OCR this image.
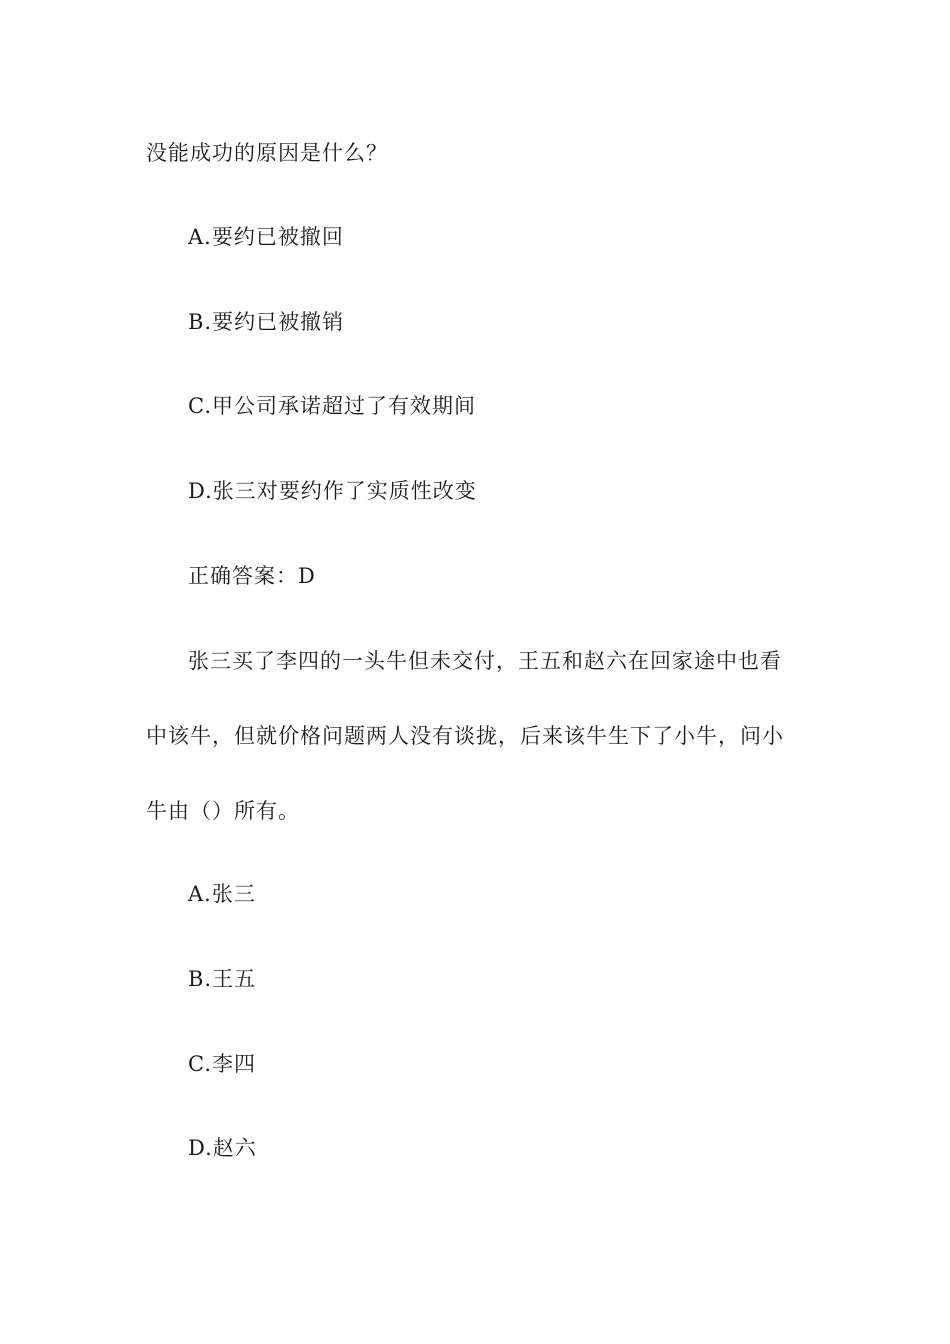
没能成功的原因是什么？
A.要约已被撤回
B.要约已被撤销
C.甲公司承诺超过了有效期间
D.张三对要约作了实质性改变
正确答案：D
张三买了李四的一头牛但未交付，王五和赵六在回家途中也看
中该牛，但就价格问题两人没有谈拢，后来该牛生下了小牛，问小
牛由（）所有。
A.张三
B.王五
C.李四
D.赵六
